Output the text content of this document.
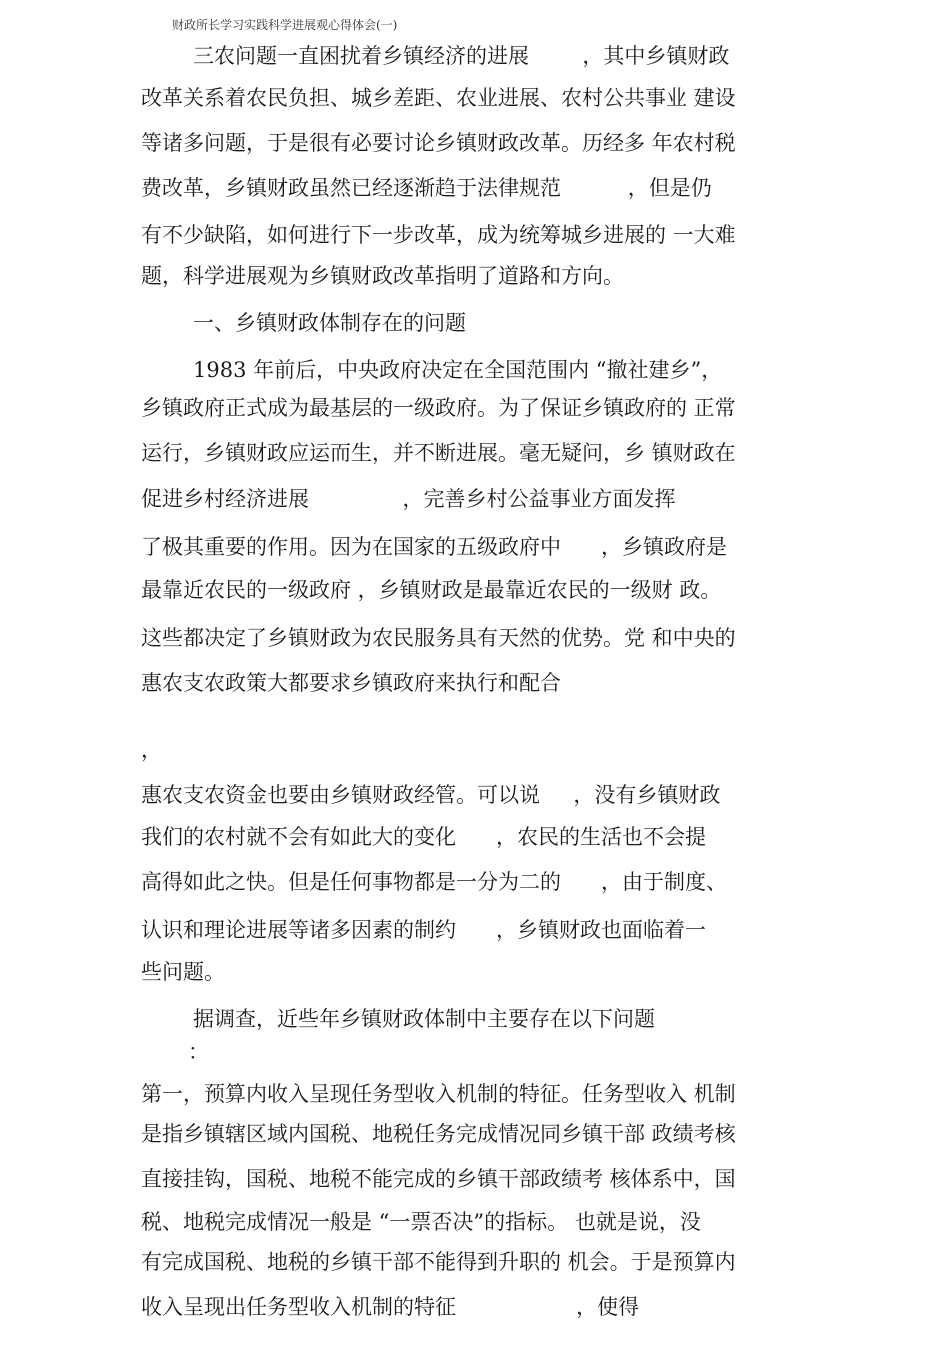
财政所长学习实践科学进展观心得体会(一)
三农问题一直困扰着乡镇经济的进展        ，其中乡镇财政
改革关系着农民负担、城乡差距、农业进展、农村公共事业 建设
等诸多问题，于是很有必要讨论乡镇财政改革。历经多 年农村税
费改革，乡镇财政虽然已经逐渐趋于法律规范          ，但是仍
有不少缺陷，如何进行下一步改革，成为统筹城乡进展的 一大难
题，科学进展观为乡镇财政改革指明了道路和方向。
一、乡镇财政体制存在的问题
1983 年前后，中央政府决定在全国范围内 “撤社建乡”，
乡镇政府正式成为最基层的一级政府。为了保证乡镇政府的 正常
运行，乡镇财政应运而生，并不断进展。毫无疑问，乡 镇财政在
促进乡村经济进展              ，完善乡村公益事业方面发挥
了极其重要的作用。因为在国家的五级政府中      ，乡镇政府是
最靠近农民的一级政府 ，乡镇财政是最靠近农民的一级财 政。
这些都决定了乡镇财政为农民服务具有天然的优势。党 和中央的
惠农支农政策大都要求乡镇政府来执行和配合
，
惠农支农资金也要由乡镇财政经管。可以说     ，没有乡镇财政
我们的农村就不会有如此大的变化      ，农民的生活也不会提
高得如此之快。但是任何事物都是一分为二的      ，由于制度、
认识和理论进展等诸多因素的制约      ，乡镇财政也面临着一
些问题。
据调查，近些年乡镇财政体制中主要存在以下问题
：
第一，预算内收入呈现任务型收入机制的特征。任务型收入 机制
是指乡镇辖区域内国税、地税任务完成情况同乡镇干部 政绩考核
直接挂钩，国税、地税不能完成的乡镇干部政绩考 核体系中，国
税、地税完成情况一般是 “一票否决”的指标。 也就是说，没
有完成国税、地税的乡镇干部不能得到升职的 机会。于是预算内
收入呈现出任务型收入机制的特征                  ，使得
